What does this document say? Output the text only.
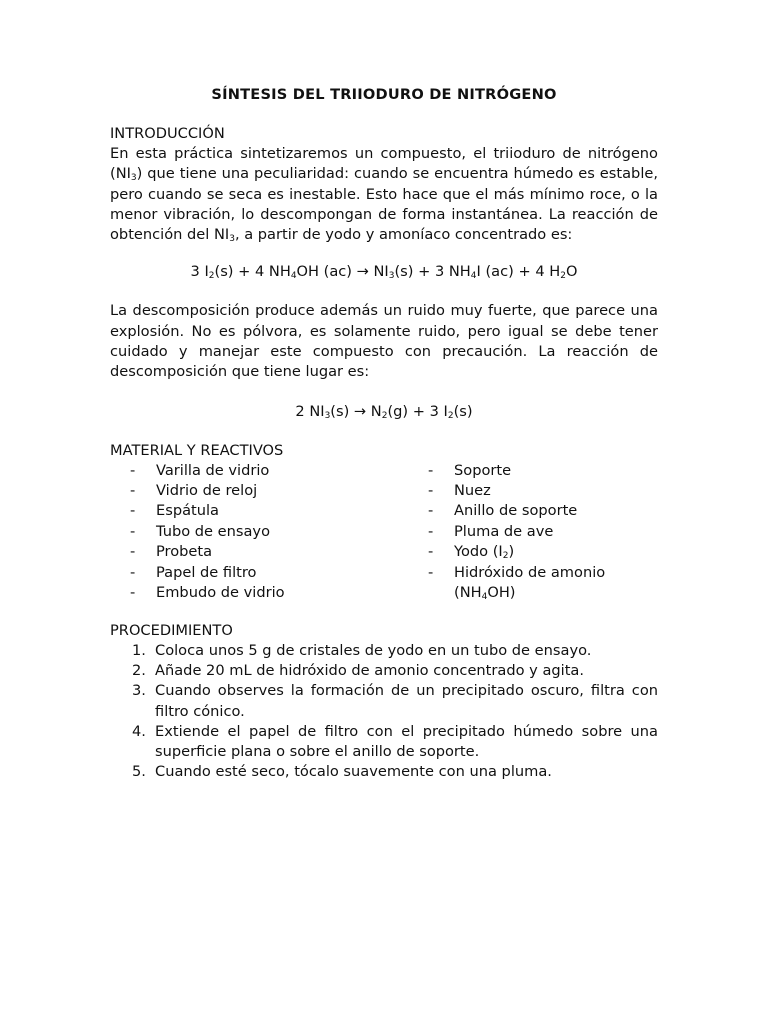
SÍNTESIS DEL TRIIODURO DE NITRÓGENO
INTRODUCCIÓN

En esta práctica sintetizaremos un compuesto, el triioduro de nitrógeno $(NI_3)$ que tiene una peculiaridad: cuando se encuentra húmedo es estable, pero cuando se seca es inestable. Esto hace que el más mínimo roce, o la menor vibración, lo descompongan de forma instantánea. La reacción de obtención del $NI_3$, a partir de yodo y amoníaco concentrado es:

3 $I_2(s) + 4$ $NH_4OH$ $(ac) \to NI_3(s) + 3$ $NH_4I$ (ac) + 4 $H_2O$

La descomposición produce además un ruido muy fuerte, que parece una explosión. No es pólvora, es solamente ruido, pero igual se debe tener cuidado y manejar este compuesto con precaución. La reacción de descomposición que tiene lugar es:

2 $NI_3(s) \to N_2(g) + 3$ $I_2(s)$

MATERIAL Y REACTIVOS
- Varilla de vidrio
- Vidrio de reloj
- Espátula
- Tubo de ensayo
- Probeta
- Papel de filtro
- Embudo de vidrio
- Soporte
- Nuez
- Anillo de soporte
- Pluma de ave
- Yodo $(I_2)$
- Hidróxido de amonio $(NH_4OH)$
PROCEDIMIENTO
1. Coloca unos 5 g de cristales de yodo en un tubo de ensayo.
2. Añade 20 mL de hidróxido de amonio concentrado y agita.
3. Cuando observes la formación de un precipitado oscuro, filtra con filtro cónico.
4. Extiende el papel de filtro con el precipitado húmedo sobre una superficie plana o sobre el anillo de soporte.
5. Cuando esté seco, tócalo suavemente con una pluma.
